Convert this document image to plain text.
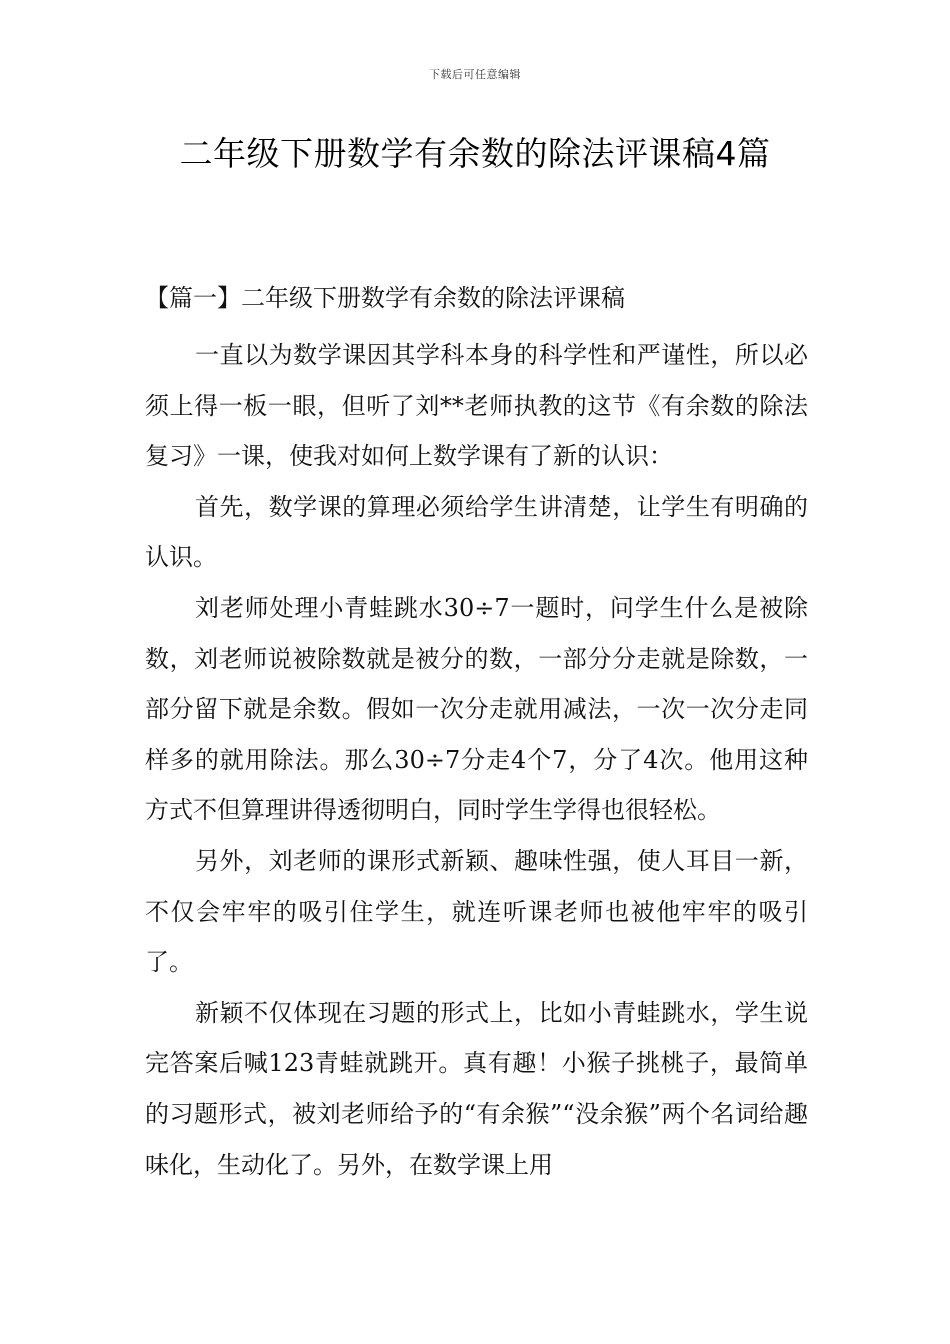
下载后可任意编辑
二年级下册数学有余数的除法评课稿4篇
【篇一】二年级下册数学有余数的除法评课稿

一直以为数学课因其学科本身的科学性和严谨性，所以必须上得一板一眼，但听了刘**老师执教的这节《有余数的除法复习》一课，使我对如何上数学课有了新的认识：

首先，数学课的算理必须给学生讲清楚，让学生有明确的认识。

刘老师处理小青蛙跳水30÷7一题时，问学生什么是被除数，刘老师说被除数就是被分的数，一部分分走就是除数，一部分留下就是余数。假如一次分走就用减法，一次一次分走同样多的就用除法。那么30÷7分走4个7，分了4次。他用这种方式不但算理讲得透彻明白，同时学生学得也很轻松。

另外，刘老师的课形式新颖、趣味性强，使人耳目一新，不仅会牢牢的吸引住学生，就连听课老师也被他牢牢的吸引了。

新颖不仅体现在习题的形式上，比如小青蛙跳水，学生说完答案后喊123青蛙就跳开。真有趣！小猴子挑桃子，最简单的习题形式，被刘老师给予的“有余猴”“没余猴”两个名词给趣味化，生动化了。另外，在数学课上用
